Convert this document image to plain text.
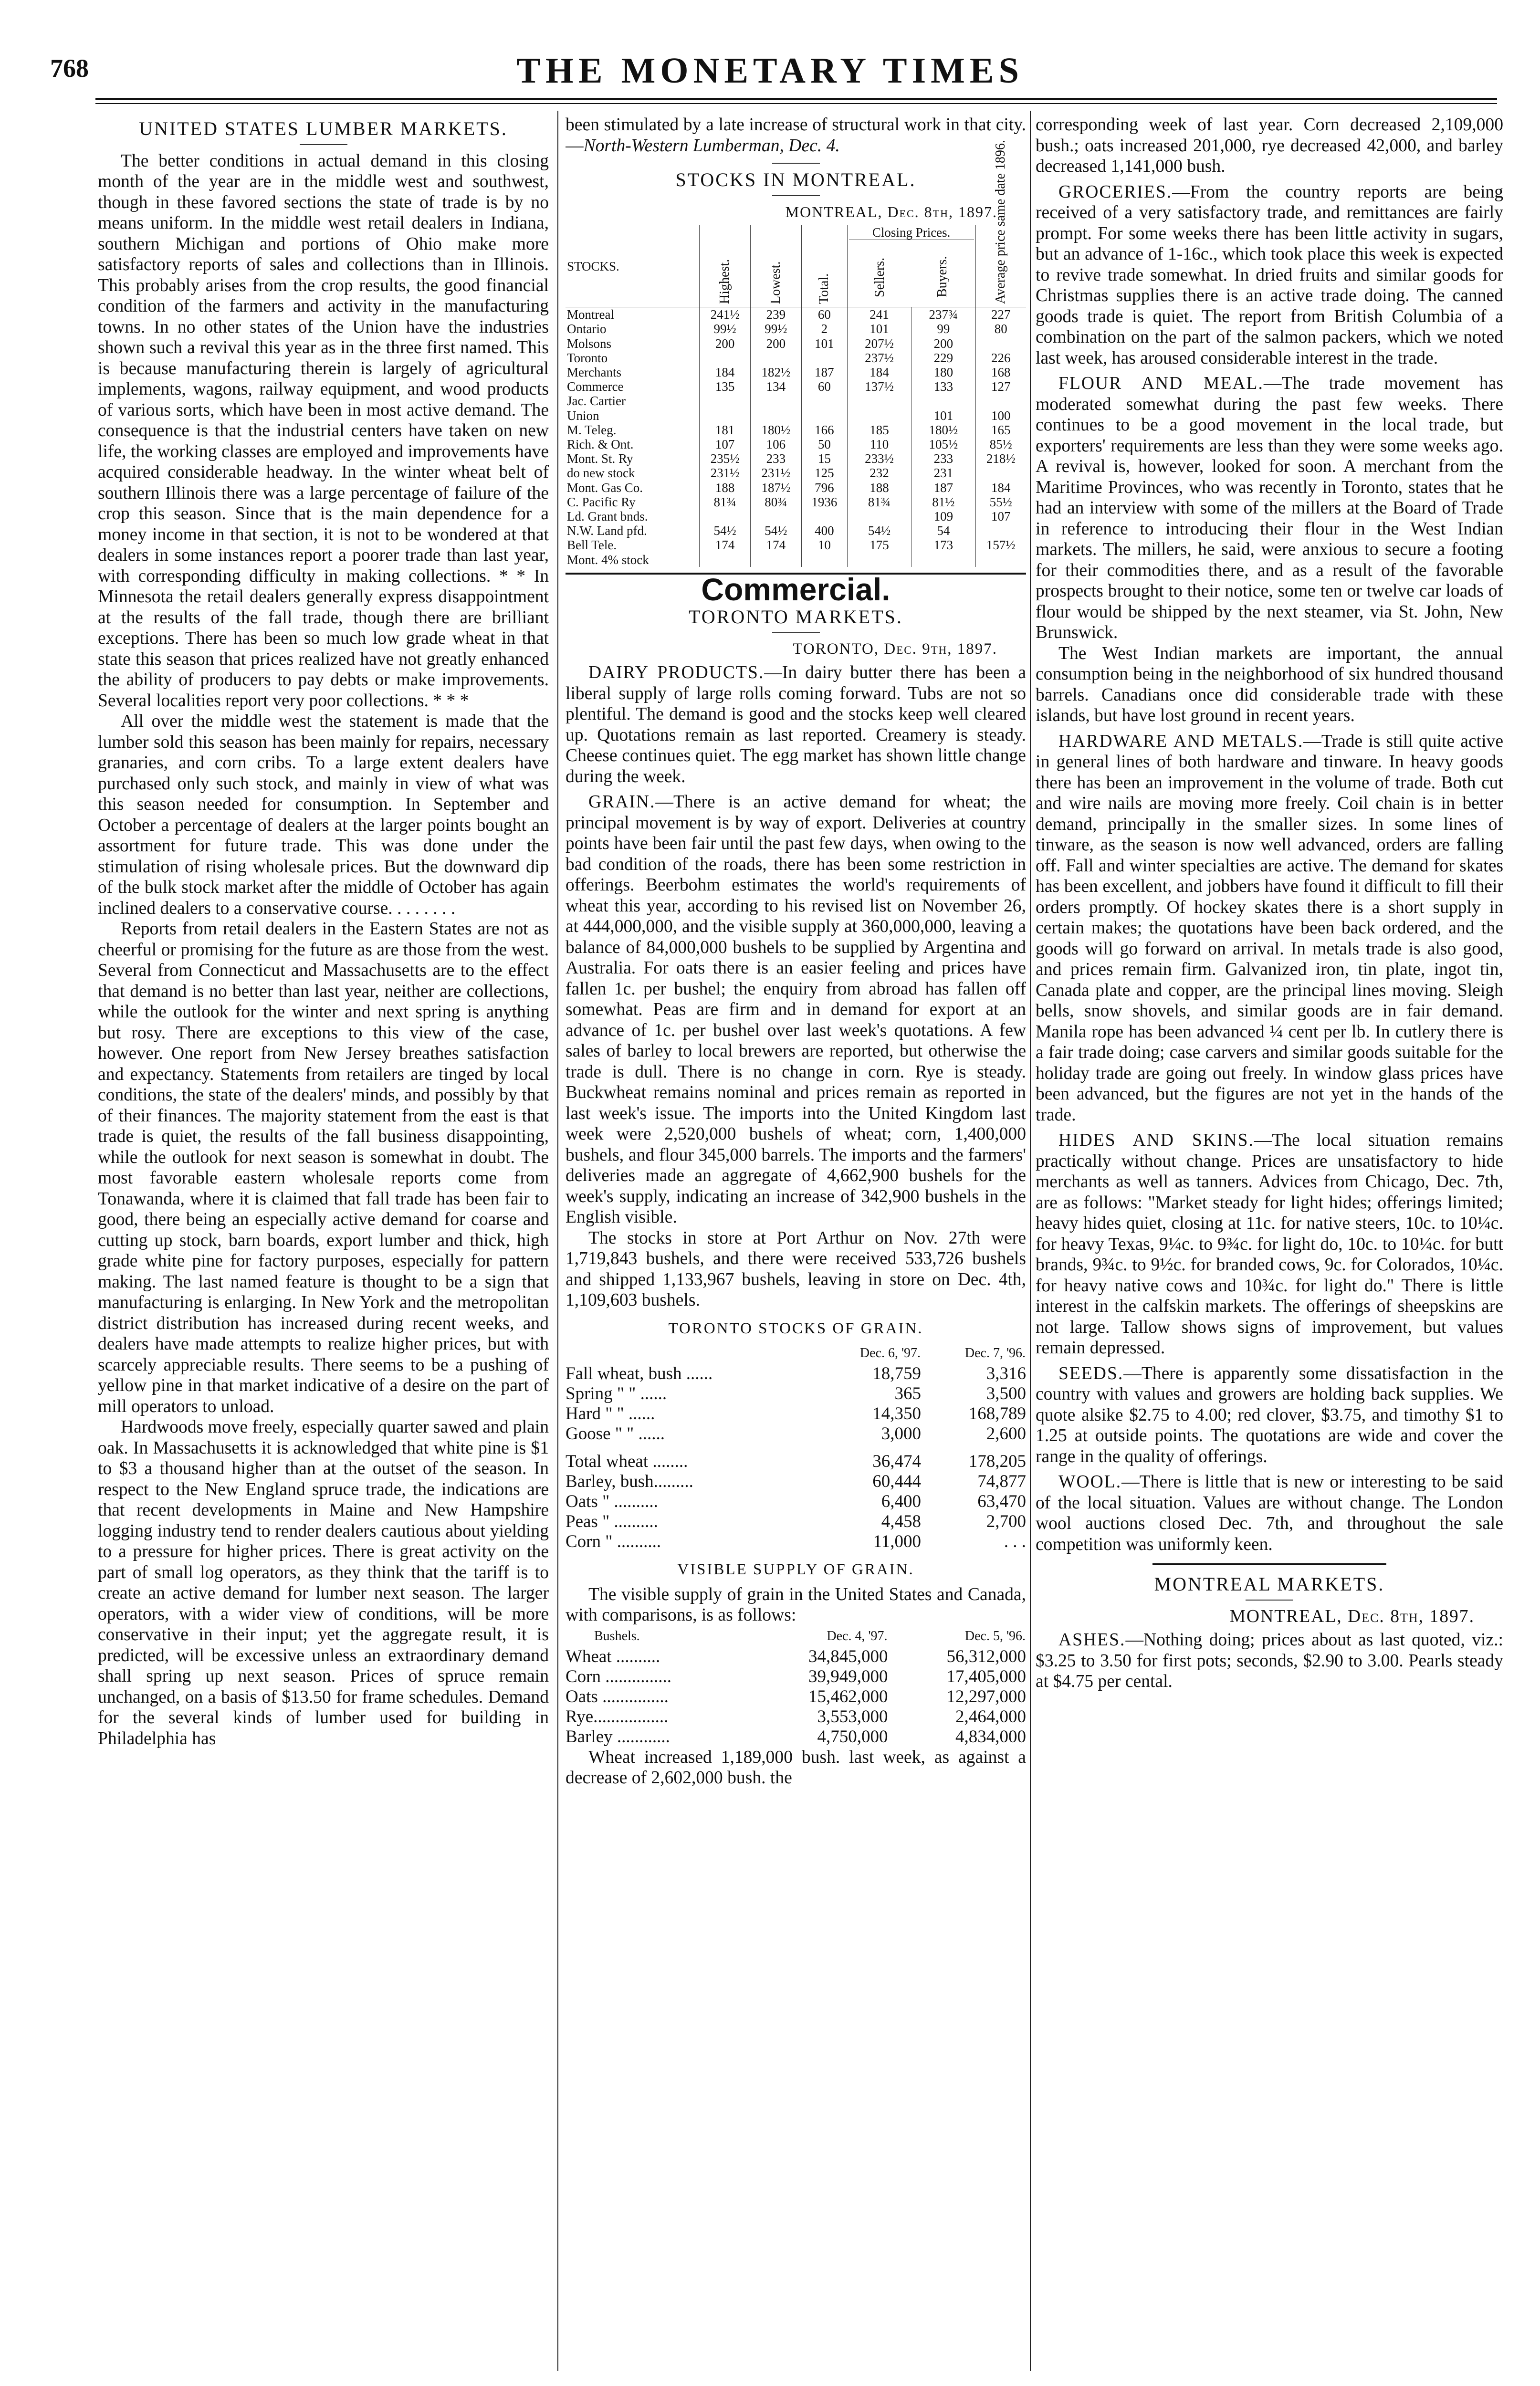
768	THE MONETARY TIMES
UNITED STATES LUMBER MARKETS.

The better conditions in actual demand in this closing month of the year are in the middle west and southwest, though in these favored sections the state of trade is by no means uniform. In the middle west retail dealers in Indiana, southern Michigan and portions of Ohio make more satisfactory reports of sales and collections than in Illinois. This probably arises from the crop results, the good financial condition of the farmers and activity in the manufacturing towns. In no other states of the Union have the industries shown such a revival this year as in the three first named. This is because manufacturing therein is largely of agricultural implements, wagons, railway equipment, and wood products of various sorts, which have been in most active demand. The consequence is that the industrial centers have taken on new life, the working classes are employed and improvements have acquired considerable headway. In the winter wheat belt of southern Illinois there was a large percentage of failure of the crop this season. Since that is the main dependence for a money income in that section, it is not to be wondered at that dealers in some instances report a poorer trade than last year, with corresponding difficulty in making collections. * * In Minnesota the retail dealers generally express disappointment at the results of the fall trade, though there are brilliant exceptions. There has been so much low grade wheat in that state this season that prices realized have not greatly enhanced the ability of producers to pay debts or make improvements. Several localities report very poor collections. * * *

All over the middle west the statement is made that the lumber sold this season has been mainly for repairs, necessary granaries, and corn cribs. To a large extent dealers have purchased only such stock, and mainly in view of what was this season needed for consumption. In September and October a percentage of dealers at the larger points bought an assortment for future trade. This was done under the stimulation of rising wholesale prices. But the downward dip of the bulk stock market after the middle of October has again inclined dealers to a conservative course. . . . . . . .

Reports from retail dealers in the Eastern States are not as cheerful or promising for the future as are those from the west. Several from Connecticut and Massachusetts are to the effect that demand is no better than last year, neither are collections, while the outlook for the winter and next spring is anything but rosy. There are exceptions to this view of the case, however. One report from New Jersey breathes satisfaction and expectancy. Statements from retailers are tinged by local conditions, the state of the dealers' minds, and possibly by that of their finances. The majority statement from the east is that trade is quiet, the results of the fall business disappointing, while the outlook for next season is somewhat in doubt. The most favorable eastern wholesale reports come from Tonawanda, where it is claimed that fall trade has been fair to good, there being an especially active demand for coarse and cutting up stock, barn boards, export lumber and thick, high grade white pine for factory purposes, especially for pattern making. The last named feature is thought to be a sign that manufacturing is enlarging. In New York and the metropolitan district distribution has increased during recent weeks, and dealers have made attempts to realize higher prices, but with scarcely appreciable results. There seems to be a pushing of yellow pine in that market indicative of a desire on the part of mill operators to unload.

Hardwoods move freely, especially quarter sawed and plain oak. In Massachusetts it is acknowledged that white pine is $1 to $3 a thousand higher than at the outset of the season. In respect to the New England spruce trade, the indications are that recent developments in Maine and New Hampshire logging industry tend to render dealers cautious about yielding to a pressure for higher prices. There is great activity on the part of small log operators, as they think that the tariff is to create an active demand for lumber next season. The larger operators, with a wider view of conditions, will be more conservative in their input; yet the aggregate result, it is predicted, will be excessive unless an extraordinary demand shall spring up next season. Prices of spruce remain unchanged, on a basis of $13.50 for frame schedules. Demand for the several kinds of lumber used for building in Philadelphia has

been stimulated by a late increase of structural work in that city.—North-Western Lumberman, Dec. 4.

STOCKS IN MONTREAL.
MONTREAL, Dec. 8th, 1897.
STOCKS.	Highest.	Lowest.	Total.	Closing Prices.
Sellers. Buyers.		Average price same date 1896.
Montreal	241½	239	60	241	237¾	227
Ontario	99½	99½	2	101	99	80
Molsons	200	200	101	207½	200	
Toronto				237½	229	226
Merchants	184	182½	187	184	180	168
Commerce	135	134	60	137½	133	127
Jac. Cartier						
Union					101	100
M. Teleg.	181	180½	166	185	180½	165
Rich. & Ont.	107	106	50	110	105½	85½
Mont. St. Ry	235½	233	15	233½	233	218½
do new stock	231½	231½	125	232	231	
Mont. Gas Co.	188	187½	796	188	187	184
C. Pacific Ry	81¾	80¾	1936	81¾	81½	55½
Ld. Grant bnds.					109	107
N.W. Land pfd.	54½	54½	400	54½	54	
Bell Tele.	174	174	10	175	173	157½
Mont. 4% stock						
Commercial.
TORONTO MARKETS.
TORONTO, Dec. 9th, 1897.

DAIRY PRODUCTS.—In dairy butter there has been a liberal supply of large rolls coming forward. Tubs are not so plentiful. The demand is good and the stocks keep well cleared up. Quotations remain as last reported. Creamery is steady. Cheese continues quiet. The egg market has shown little change during the week.

GRAIN.—There is an active demand for wheat; the principal movement is by way of export. Deliveries at country points have been fair until the past few days, when owing to the bad condition of the roads, there has been some restriction in offerings. Beerbohm estimates the world's requirements of wheat this year, according to his revised list on November 26, at 444,000,000, and the visible supply at 360,000,000, leaving a balance of 84,000,000 bushels to be supplied by Argentina and Australia. For oats there is an easier feeling and prices have fallen 1c. per bushel; the enquiry from abroad has fallen off somewhat. Peas are firm and in demand for export at an advance of 1c. per bushel over last week's quotations. A few sales of barley to local brewers are reported, but otherwise the trade is dull. There is no change in corn. Rye is steady. Buckwheat remains nominal and prices remain as reported in last week's issue. The imports into the United Kingdom last week were 2,520,000 bushels of wheat; corn, 1,400,000 bushels, and flour 345,000 barrels. The imports and the farmers' deliveries made an aggregate of 4,662,900 bushels for the week's supply, indicating an increase of 342,900 bushels in the English visible.

The stocks in store at Port Arthur on Nov. 27th were 1,719,843 bushels, and there were received 533,726 bushels and shipped 1,133,967 bushels, leaving in store on Dec. 4th, 1,109,603 bushels.

TORONTO STOCKS OF GRAIN.
	Dec. 6, '97.	Dec. 7, '96.
Fall wheat, bush ......	18,759	3,316
Spring " " ......	365	3,500
Hard " " ......	14,350	168,789
Goose " " ......	3,000	2,600
Total wheat ........	36,474	178,205
Barley, bush.........	60,444	74,877
Oats " ..........	6,400	63,470
Peas " ..........	4,458	2,700
Corn " ..........	11,000	. . .
VISIBLE SUPPLY OF GRAIN.

The visible supply of grain in the United States and Canada, with comparisons, is as follows:

Bushels.	Dec. 4, '97.	Dec. 5, '96.
Wheat ..........	34,845,000	56,312,000
Corn ...............	39,949,000	17,405,000
Oats ...............	15,462,000	12,297,000
Rye.................	3,553,000	2,464,000
Barley ............	4,750,000	4,834,000

Wheat increased 1,189,000 bush. last week, as against a decrease of 2,602,000 bush. the

corresponding week of last year. Corn decreased 2,109,000 bush.; oats increased 201,000, rye decreased 42,000, and barley decreased 1,141,000 bush.

GROCERIES.—From the country reports are being received of a very satisfactory trade, and remittances are fairly prompt. For some weeks there has been little activity in sugars, but an advance of 1-16c., which took place this week is expected to revive trade somewhat. In dried fruits and similar goods for Christmas supplies there is an active trade doing. The canned goods trade is quiet. The report from British Columbia of a combination on the part of the salmon packers, which we noted last week, has aroused considerable interest in the trade.

FLOUR AND MEAL.—The trade movement has moderated somewhat during the past few weeks. There continues to be a good movement in the local trade, but exporters' requirements are less than they were some weeks ago. A revival is, however, looked for soon. A merchant from the Maritime Provinces, who was recently in Toronto, states that he had an interview with some of the millers at the Board of Trade in reference to introducing their flour in the West Indian markets. The millers, he said, were anxious to secure a footing for their commodities there, and as a result of the favorable prospects brought to their notice, some ten or twelve car loads of flour would be shipped by the next steamer, via St. John, New Brunswick.

The West Indian markets are important, the annual consumption being in the neighborhood of six hundred thousand barrels. Canadians once did considerable trade with these islands, but have lost ground in recent years.

HARDWARE AND METALS.—Trade is still quite active in general lines of both hardware and tinware. In heavy goods there has been an improvement in the volume of trade. Both cut and wire nails are moving more freely. Coil chain is in better demand, principally in the smaller sizes. In some lines of tinware, as the season is now well advanced, orders are falling off. Fall and winter specialties are active. The demand for skates has been excellent, and jobbers have found it difficult to fill their orders promptly. Of hockey skates there is a short supply in certain makes; the quotations have been back ordered, and the goods will go forward on arrival. In metals trade is also good, and prices remain firm. Galvanized iron, tin plate, ingot tin, Canada plate and copper, are the principal lines moving. Sleigh bells, snow shovels, and similar goods are in fair demand. Manila rope has been advanced ¼ cent per lb. In cutlery there is a fair trade doing; case carvers and similar goods suitable for the holiday trade are going out freely. In window glass prices have been advanced, but the figures are not yet in the hands of the trade.

HIDES AND SKINS.—The local situation remains practically without change. Prices are unsatisfactory to hide merchants as well as tanners. Advices from Chicago, Dec. 7th, are as follows: "Market steady for light hides; offerings limited; heavy hides quiet, closing at 11c. for native steers, 10c. to 10¼c. for heavy Texas, 9¼c. to 9¾c. for light do, 10c. to 10¼c. for butt brands, 9¾c. to 9½c. for branded cows, 9c. for Colorados, 10¼c. for heavy native cows and 10¾c. for light do." There is little interest in the calfskin markets. The offerings of sheepskins are not large. Tallow shows signs of improvement, but values remain depressed.

SEEDS.—There is apparently some dissatisfaction in the country with values and growers are holding back supplies. We quote alsike $2.75 to 4.00; red clover, $3.75, and timothy $1 to 1.25 at outside points. The quotations are wide and cover the range in the quality of offerings.

WOOL.—There is little that is new or interesting to be said of the local situation. Values are without change. The London wool auctions closed Dec. 7th, and throughout the sale competition was uniformly keen.

MONTREAL MARKETS.
MONTREAL, Dec. 8th, 1897.

ASHES.—Nothing doing; prices about as last quoted, viz.: $3.25 to 3.50 for first pots; seconds, $2.90 to 3.00. Pearls steady at $4.75 per cental.
